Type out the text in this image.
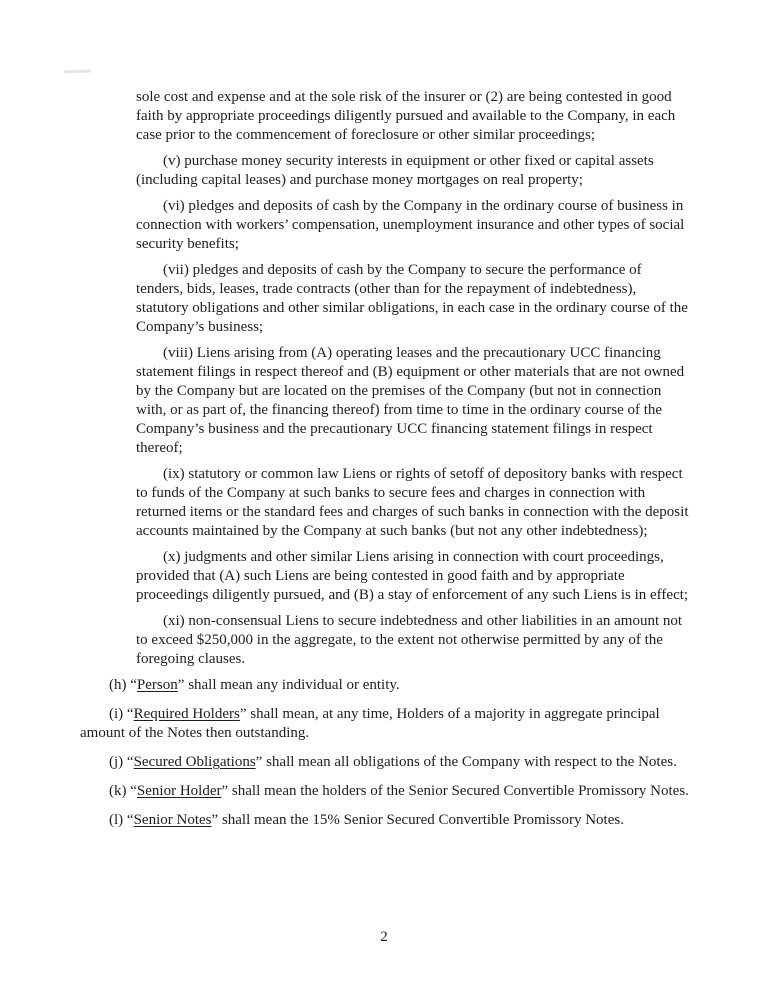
sole cost and expense and at the sole risk of the insurer or (2) are being contested in good faith by appropriate proceedings diligently pursued and available to the Company, in each case prior to the commencement of foreclosure or other similar proceedings;

(v) purchase money security interests in equipment or other fixed or capital assets (including capital leases) and purchase money mortgages on real property;

(vi) pledges and deposits of cash by the Company in the ordinary course of business in connection with workers’ compensation, unemployment insurance and other types of social security benefits;

(vii) pledges and deposits of cash by the Company to secure the performance of tenders, bids, leases, trade contracts (other than for the repayment of indebtedness), statutory obligations and other similar obligations, in each case in the ordinary course of the Company’s business;

(viii) Liens arising from (A) operating leases and the precautionary UCC financing statement filings in respect thereof and (B) equipment or other materials that are not owned by the Company but are located on the premises of the Company (but not in connection with, or as part of, the financing thereof) from time to time in the ordinary course of the Company’s business and the precautionary UCC financing statement filings in respect thereof;

(ix) statutory or common law Liens or rights of setoff of depository banks with respect to funds of the Company at such banks to secure fees and charges in connection with returned items or the standard fees and charges of such banks in connection with the deposit accounts maintained by the Company at such banks (but not any other indebtedness);

(x) judgments and other similar Liens arising in connection with court proceedings, provided that (A) such Liens are being contested in good faith and by appropriate proceedings diligently pursued, and (B) a stay of enforcement of any such Liens is in effect;

(xi) non-consensual Liens to secure indebtedness and other liabilities in an amount not to exceed $250,000 in the aggregate, to the extent not otherwise permitted by any of the foregoing clauses.

(h) “Person” shall mean any individual or entity.

(i) “Required Holders” shall mean, at any time, Holders of a majority in aggregate principal amount of the Notes then outstanding.

(j) “Secured Obligations” shall mean all obligations of the Company with respect to the Notes.

(k) “Senior Holder” shall mean the holders of the Senior Secured Convertible Promissory Notes.

(l) “Senior Notes” shall mean the 15% Senior Secured Convertible Promissory Notes.

2
